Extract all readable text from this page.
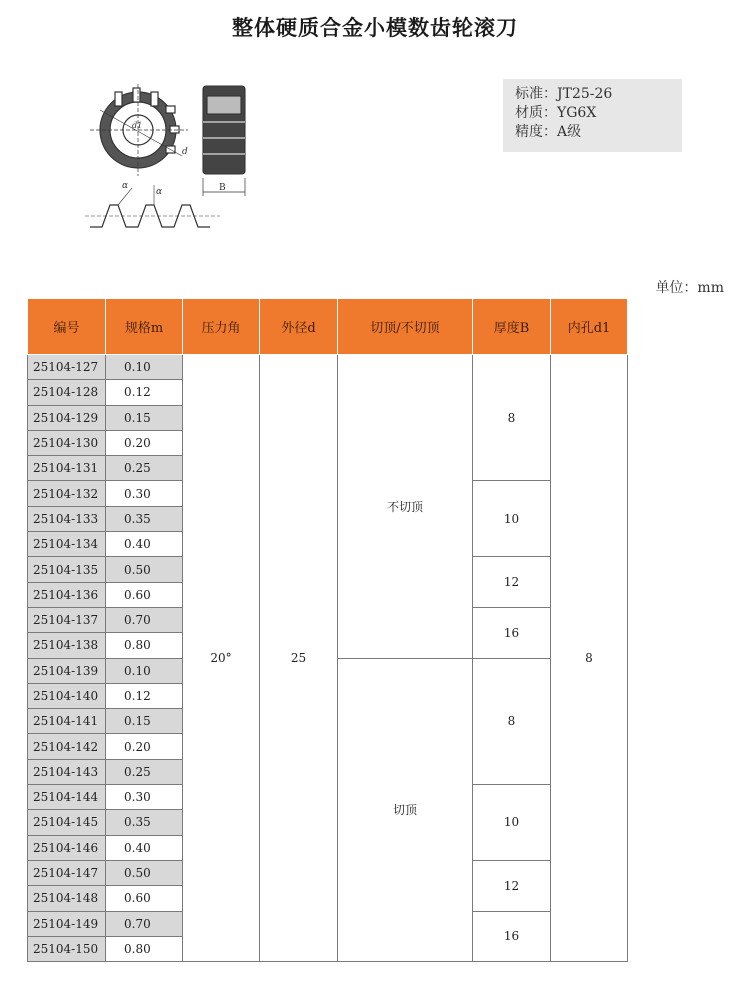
整体硬质合金小模数齿轮滚刀
d1
d
B
α
α
标准：JT25-26
材质：YG6X
精度：A级
单位：mm
编号	规格m	压力角	外径d	切顶/不切顶	厚度B	内孔d1
25104-127	0.10	20°	25	不切顶	8	8
25104-128	0.12					
25104-129	0.15					
25104-130	0.20					
25104-131	0.25					
25104-132	0.30				10	
25104-133	0.35					
25104-134	0.40					
25104-135	0.50				12	
25104-136	0.60					
25104-137	0.70				16	
25104-138	0.80					
25104-139	0.10			切顶	8	
25104-140	0.12					
25104-141	0.15					
25104-142	0.20					
25104-143	0.25					
25104-144	0.30				10	
25104-145	0.35					
25104-146	0.40					
25104-147	0.50				12	
25104-148	0.60					
25104-149	0.70				16	
25104-150	0.80					
